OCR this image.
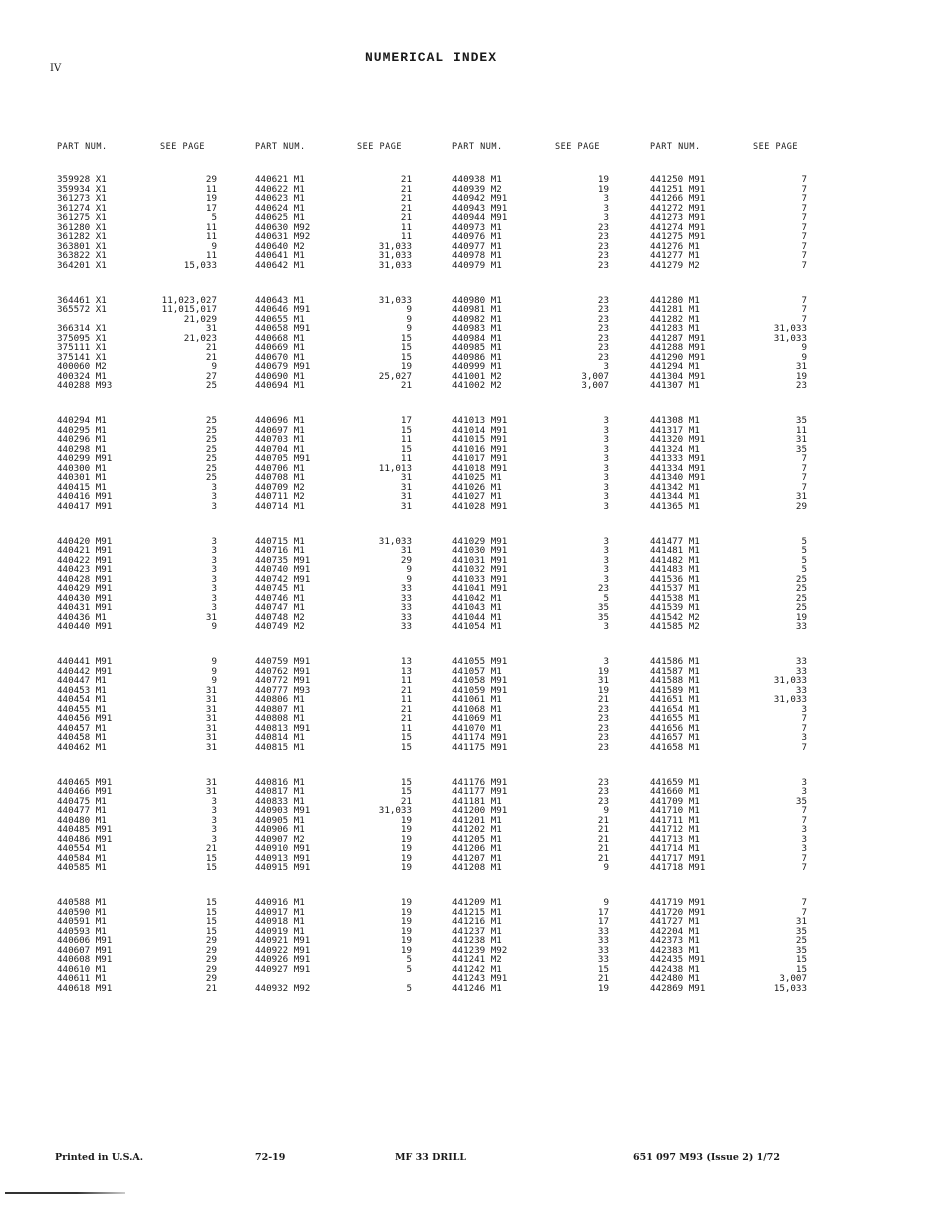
IV
NUMERICAL INDEX
PART NUM.	SEE PAGE	PART NUM.	SEE PAGE	PART NUM.	SEE PAGE	PART NUM.	SEE PAGE
359928 X1	29
359934 X1	11
361273 X1	19
361274 X1	17
361275 X1	5
361280 X1	11
361282 X1	11
363801 X1	9
363822 X1	11
364201 X1	15,033
364461 X1	11,023,027
365572 X1	11,015,017
21,029
366314 X1	31
375095 X1	21,023
375111 X1	21
375141 X1	21
400060 M2	9
400324 M1	27
440288 M93	25
440294 M1	25
440295 M1	25
440296 M1	25
440298 M1	25
440299 M91	25
440300 M1	25
440301 M1	25
440415 M1	3
440416 M91	3
440417 M91	3
440420 M91	3
440421 M91	3
440422 M91	3
440423 M91	3
440428 M91	3
440429 M91	3
440430 M91	3
440431 M91	3
440436 M1	31
440440 M91	9
440441 M91	9
440442 M91	9
440447 M1	9
440453 M1	31
440454 M1	31
440455 M1	31
440456 M91	31
440457 M1	31
440458 M1	31
440462 M1	31
440465 M91	31
440466 M91	31
440475 M1	3
440477 M1	3
440480 M1	3
440485 M91	3
440486 M91	3
440554 M1	21
440584 M1	15
440585 M1	15
440588 M1	15
440590 M1	15
440591 M1	15
440593 M1	15
440606 M91	29
440607 M91	29
440608 M91	29
440610 M1	29
440611 M1	29
440618 M91	21
440621 M1	21
440622 M1	21
440623 M1	21
440624 M1	21
440625 M1	21
440630 M92	11
440631 M92	11
440640 M2	31,033
440641 M1	31,033
440642 M1	31,033
440643 M1	31,033
440646 M91	9
440655 M1	9
440658 M91	9
440668 M1	15
440669 M1	15
440670 M1	15
440679 M91	19
440690 M1	25,027
440694 M1	21
440696 M1	17
440697 M1	15
440703 M1	11
440704 M1	15
440705 M91	11
440706 M1	11,013
440708 M1	31
440709 M2	31
440711 M2	31
440714 M1	31
440715 M1	31,033
440716 M1	31
440735 M91	29
440740 M91	9
440742 M91	9
440745 M1	33
440746 M1	33
440747 M1	33
440748 M2	33
440749 M2	33
440759 M91	13
440762 M91	13
440772 M91	11
440777 M93	21
440806 M1	11
440807 M1	21
440808 M1	21
440813 M91	11
440814 M1	15
440815 M1	15
440816 M1	15
440817 M1	15
440833 M1	21
440903 M91	31,033
440905 M1	19
440906 M1	19
440907 M2	19
440910 M91	19
440913 M91	19
440915 M91	19
440916 M1	19
440917 M1	19
440918 M1	19
440919 M1	19
440921 M91	19
440922 M91	19
440926 M91	5
440927 M91	5
440932 M92	5
440938 M1	19
440939 M2	19
440942 M91	3
440943 M91	3
440944 M91	3
440973 M1	23
440976 M1	23
440977 M1	23
440978 M1	23
440979 M1	23
440980 M1	23
440981 M1	23
440982 M1	23
440983 M1	23
440984 M1	23
440985 M1	23
440986 M1	23
440999 M1	3
441001 M2	3,007
441002 M2	3,007
441013 M91	3
441014 M91	3
441015 M91	3
441016 M91	3
441017 M91	3
441018 M91	3
441025 M1	3
441026 M1	3
441027 M1	3
441028 M91	3
441029 M91	3
441030 M91	3
441031 M91	3
441032 M91	3
441033 M91	3
441041 M91	23
441042 M1	5
441043 M1	35
441044 M1	35
441054 M1	3
441055 M91	3
441057 M1	19
441058 M91	31
441059 M91	19
441061 M1	21
441068 M1	23
441069 M1	23
441070 M1	23
441174 M91	23
441175 M91	23
441176 M91	23
441177 M91	23
441181 M1	23
441200 M91	9
441201 M1	21
441202 M1	21
441205 M1	21
441206 M1	21
441207 M1	21
441208 M1	9
441209 M1	9
441215 M1	17
441216 M1	17
441237 M1	33
441238 M1	33
441239 M92	33
441241 M2	33
441242 M1	15
441243 M91	21
441246 M1	19
441250 M91	7
441251 M91	7
441266 M91	7
441272 M91	7
441273 M91	7
441274 M91	7
441275 M91	7
441276 M1	7
441277 M1	7
441279 M2	7
441280 M1	7
441281 M1	7
441282 M1	7
441283 M1	31,033
441287 M91	31,033
441288 M91	9
441290 M91	9
441294 M1	31
441304 M91	19
441307 M1	23
441308 M1	35
441317 M1	11
441320 M91	31
441324 M1	35
441333 M91	7
441334 M91	7
441340 M91	7
441342 M1	7
441344 M1	31
441365 M1	29
441477 M1	5
441481 M1	5
441482 M1	5
441483 M1	5
441536 M1	25
441537 M1	25
441538 M1	25
441539 M1	25
441542 M2	19
441585 M2	33
441586 M1	33
441587 M1	33
441588 M1	31,033
441589 M1	33
441651 M1	31,033
441654 M1	3
441655 M1	7
441656 M1	7
441657 M1	3
441658 M1	7
441659 M1	3
441660 M1	3
441709 M1	35
441710 M1	7
441711 M1	7
441712 M1	3
441713 M1	3
441714 M1	3
441717 M91	7
441718 M91	7
441719 M91	7
441720 M91	7
441727 M1	31
442204 M1	35
442373 M1	25
442383 M1	35
442435 M91	15
442438 M1	15
442480 M1	3,007
442869 M91	15,033
Printed in U.S.A.	72-19	MF 33 DRILL	651 097 M93 (Issue 2) 1/72
